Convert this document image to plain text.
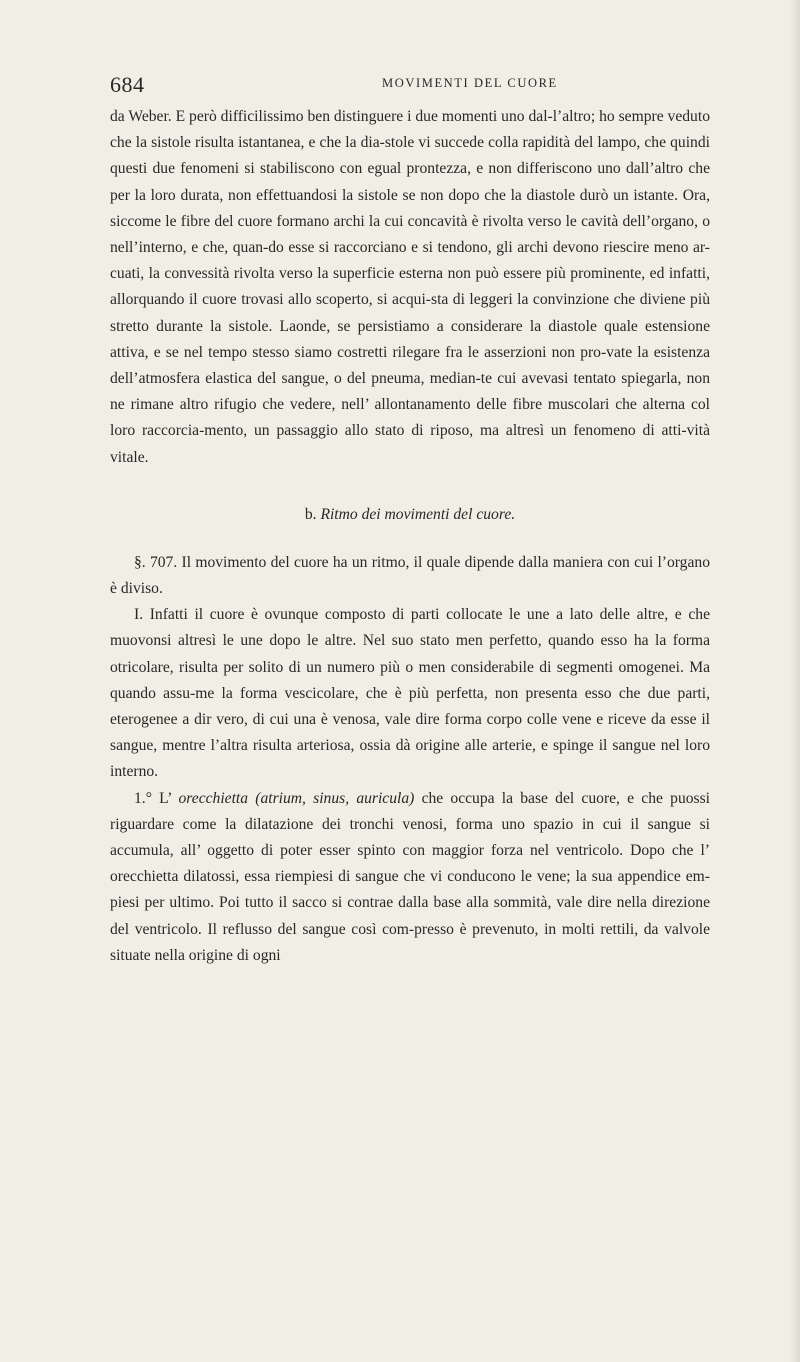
684	MOVIMENTI DEL CUORE

da Weber. E però difficilissimo ben distinguere i due momenti uno dal-l’altro; ho sempre veduto che la sistole risulta istantanea, e che la dia-stole vi succede colla rapidità del lampo, che quindi questi due fenomeni si stabiliscono con egual prontezza, e non differiscono uno dall’altro che per la loro durata, non effettuandosi la sistole se non dopo che la diastole durò un istante. Ora, siccome le fibre del cuore formano archi la cui concavità è rivolta verso le cavità dell’organo, o nell’interno, e che, quan-do esse si raccorciano e si tendono, gli archi devono riescire meno ar-cuati, la convessità rivolta verso la superficie esterna non può essere più prominente, ed infatti, allorquando il cuore trovasi allo scoperto, si acqui-sta di leggeri la convinzione che diviene più stretto durante la sistole. Laonde, se persistiamo a considerare la diastole quale estensione attiva, e se nel tempo stesso siamo costretti rilegare fra le asserzioni non pro-vate la esistenza dell’atmosfera elastica del sangue, o del pneuma, median-te cui avevasi tentato spiegarla, non ne rimane altro rifugio che vedere, nell’ allontanamento delle fibre muscolari che alterna col loro raccorcia-mento, un passaggio allo stato di riposo, ma altresì un fenomeno di atti-vità vitale.

b. Ritmo dei movimenti del cuore.

§. 707. Il movimento del cuore ha un ritmo, il quale dipende dalla maniera con cui l’organo è diviso.

I. Infatti il cuore è ovunque composto di parti collocate le une a lato delle altre, e che muovonsi altresì le une dopo le altre. Nel suo stato men perfetto, quando esso ha la forma otricolare, risulta per solito di un numero più o men considerabile di segmenti omogenei. Ma quando assu-me la forma vescicolare, che è più perfetta, non presenta esso che due parti, eterogenee a dir vero, di cui una è venosa, vale dire forma corpo colle vene e riceve da esse il sangue, mentre l’altra risulta arteriosa, ossia dà origine alle arterie, e spinge il sangue nel loro interno.

1.° L’ orecchietta (atrium, sinus, auricula) che occupa la base del cuore, e che puossi riguardare come la dilatazione dei tronchi venosi, forma uno spazio in cui il sangue si accumula, all’ oggetto di poter esser spinto con maggior forza nel ventricolo. Dopo che l’ orecchietta dilatossi, essa riempiesi di sangue che vi conducono le vene; la sua appendice em-piesi per ultimo. Poi tutto il sacco si contrae dalla base alla sommità, vale dire nella direzione del ventricolo. Il reflusso del sangue così com-presso è prevenuto, in molti rettili, da valvole situate nella origine di ogni
